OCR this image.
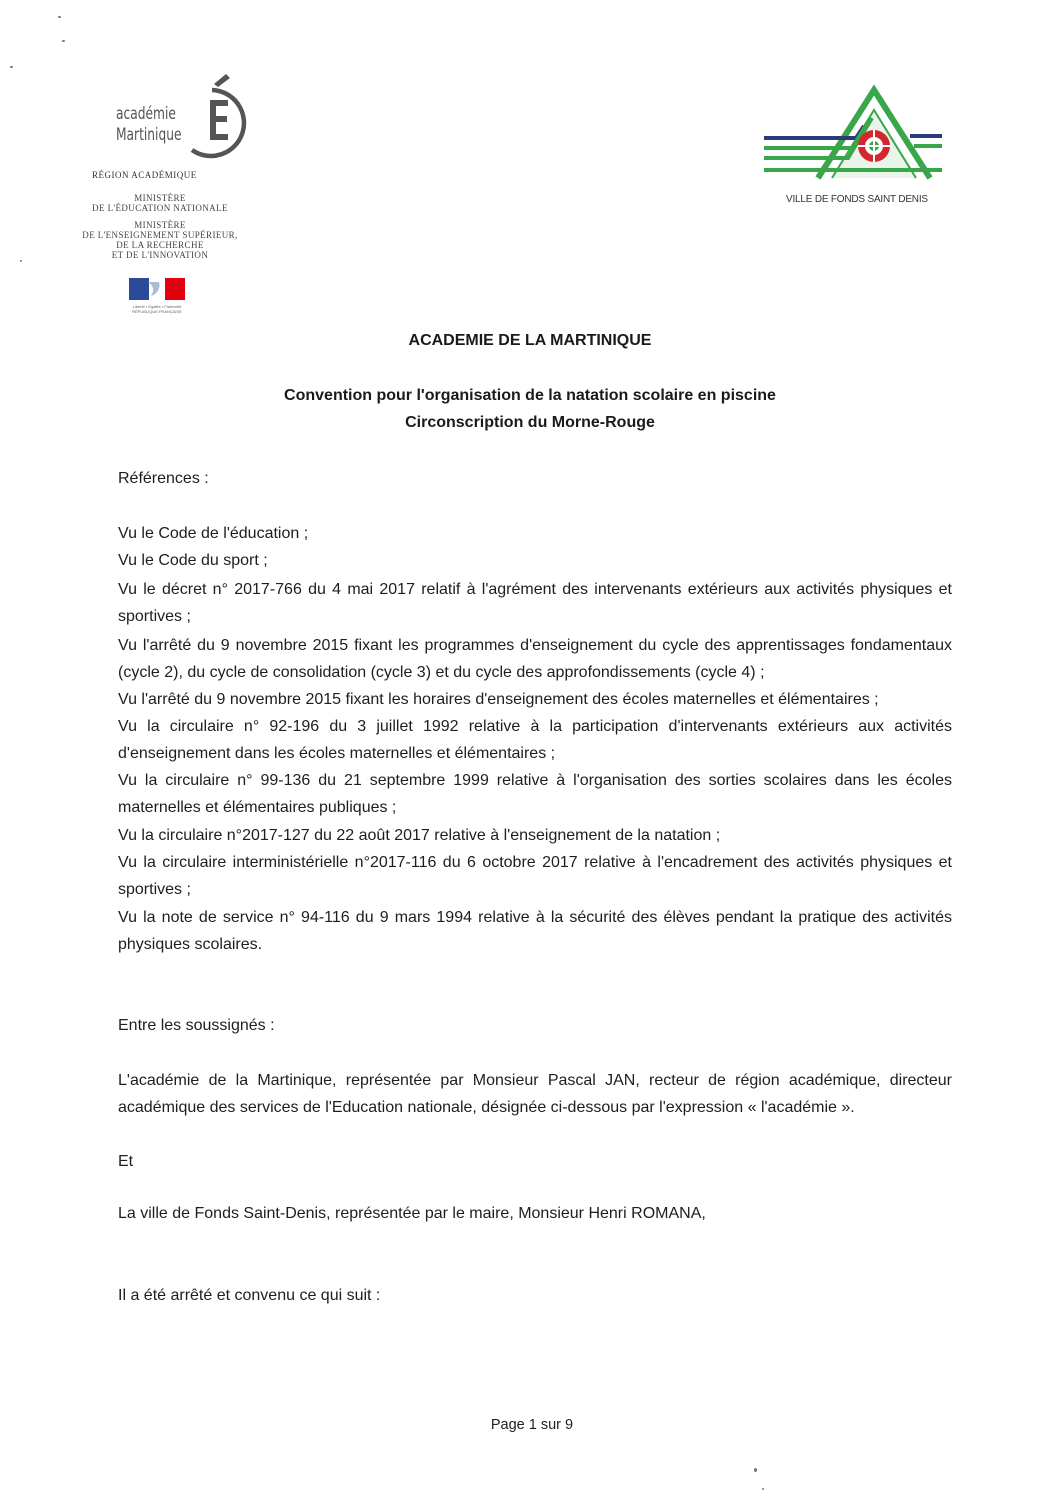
académie
Martinique
RÉGION ACADÉMIQUE
MINISTÈRE
DE L'ÉDUCATION NATIONALE
MINISTÈRE
DE L'ENSEIGNEMENT SUPÉRIEUR,
DE LA RECHERCHE
ET DE L'INNOVATION
Liberté • Égalité • Fraternité RÉPUBLIQUE FRANÇAISE
VILLE DE FONDS SAINT DENIS
ACADEMIE DE LA MARTINIQUE
Convention pour l'organisation de la natation scolaire en piscine
Circonscription du Morne-Rouge
Références :
Vu le Code de l'éducation ;
Vu le Code du sport ;
Vu le décret n° 2017-766 du 4 mai 2017 relatif à l'agrément des intervenants extérieurs aux activités physiques et sportives ;
Vu l'arrêté du 9 novembre 2015 fixant les programmes d'enseignement du cycle des apprentissages fondamentaux (cycle 2), du cycle de consolidation (cycle 3) et du cycle des approfondissements (cycle 4) ;
Vu l'arrêté du 9 novembre 2015 fixant les horaires d'enseignement des écoles maternelles et élémentaires ;
Vu la circulaire n° 92-196 du 3 juillet 1992 relative à la participation d'intervenants extérieurs aux activités d'enseignement dans les écoles maternelles et élémentaires ;
Vu la circulaire n° 99-136 du 21 septembre 1999 relative à l'organisation des sorties scolaires dans les écoles maternelles et élémentaires publiques ;
Vu la circulaire n°2017-127 du 22 août 2017 relative à l'enseignement de la natation ;
Vu la circulaire interministérielle n°2017-116 du 6 octobre 2017 relative à l'encadrement des activités physiques et sportives ;
Vu la note de service n° 94-116 du 9 mars 1994 relative à la sécurité des élèves pendant la pratique des activités physiques scolaires.
Entre les soussignés :
L'académie de la Martinique, représentée par Monsieur Pascal JAN, recteur de région académique, directeur académique des services de l'Education nationale, désignée ci-dessous par l'expression « l'académie ».
Et
La ville de Fonds Saint-Denis, représentée par le maire, Monsieur Henri ROMANA,
Il a été arrêté et convenu ce qui suit :
Page 1 sur 9
